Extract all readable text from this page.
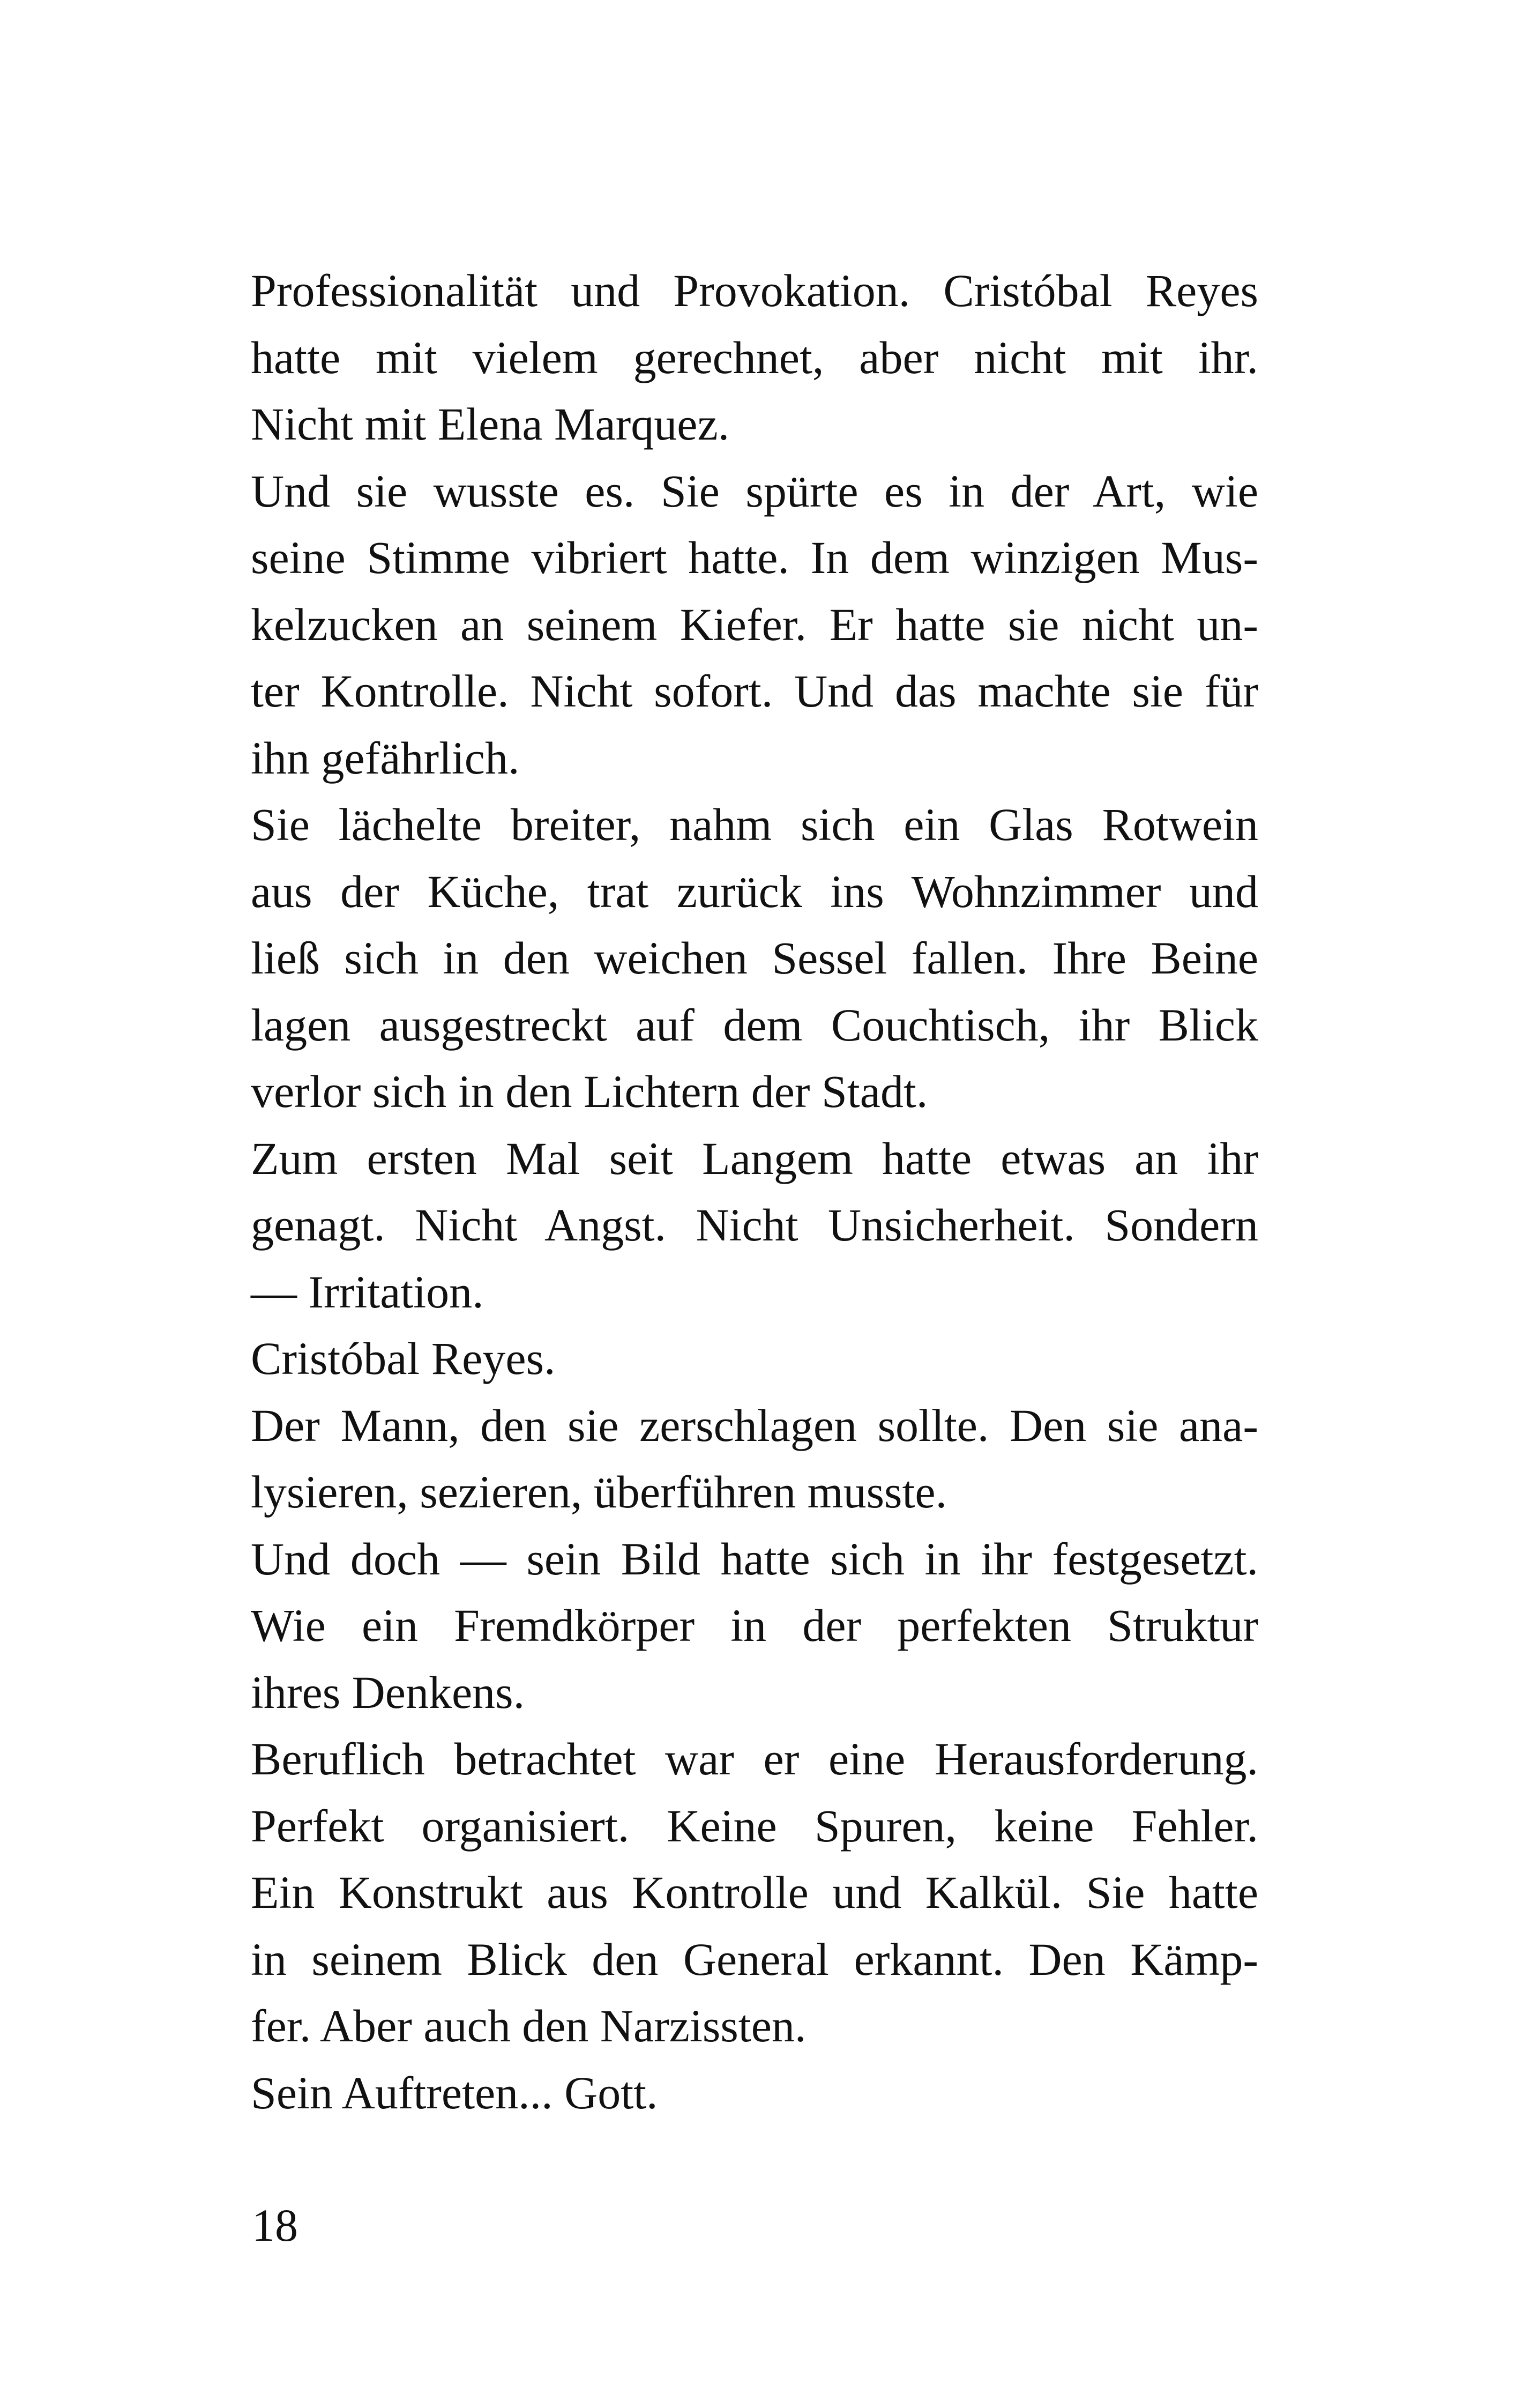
Professionalität und Provokation. Cristóbal Reyes
hatte mit vielem gerechnet, aber nicht mit ihr.
Nicht mit Elena Marquez.
Und sie wusste es. Sie spürte es in der Art, wie
seine Stimme vibriert hatte. In dem winzigen Mus-
kelzucken an seinem Kiefer. Er hatte sie nicht un-
ter Kontrolle. Nicht sofort. Und das machte sie für
ihn gefährlich.
Sie lächelte breiter, nahm sich ein Glas Rotwein
aus der Küche, trat zurück ins Wohnzimmer und
ließ sich in den weichen Sessel fallen. Ihre Beine
lagen ausgestreckt auf dem Couchtisch, ihr Blick
verlor sich in den Lichtern der Stadt.
Zum ersten Mal seit Langem hatte etwas an ihr
genagt. Nicht Angst. Nicht Unsicherheit. Sondern
— Irritation.
Cristóbal Reyes.
Der Mann, den sie zerschlagen sollte. Den sie ana-
lysieren, sezieren, überführen musste.
Und doch — sein Bild hatte sich in ihr festgesetzt.
Wie ein Fremdkörper in der perfekten Struktur
ihres Denkens.
Beruflich betrachtet war er eine Herausforderung.
Perfekt organisiert. Keine Spuren, keine Fehler.
Ein Konstrukt aus Kontrolle und Kalkül. Sie hatte
in seinem Blick den General erkannt. Den Kämp-
fer. Aber auch den Narzissten.
Sein Auftreten... Gott.
18
